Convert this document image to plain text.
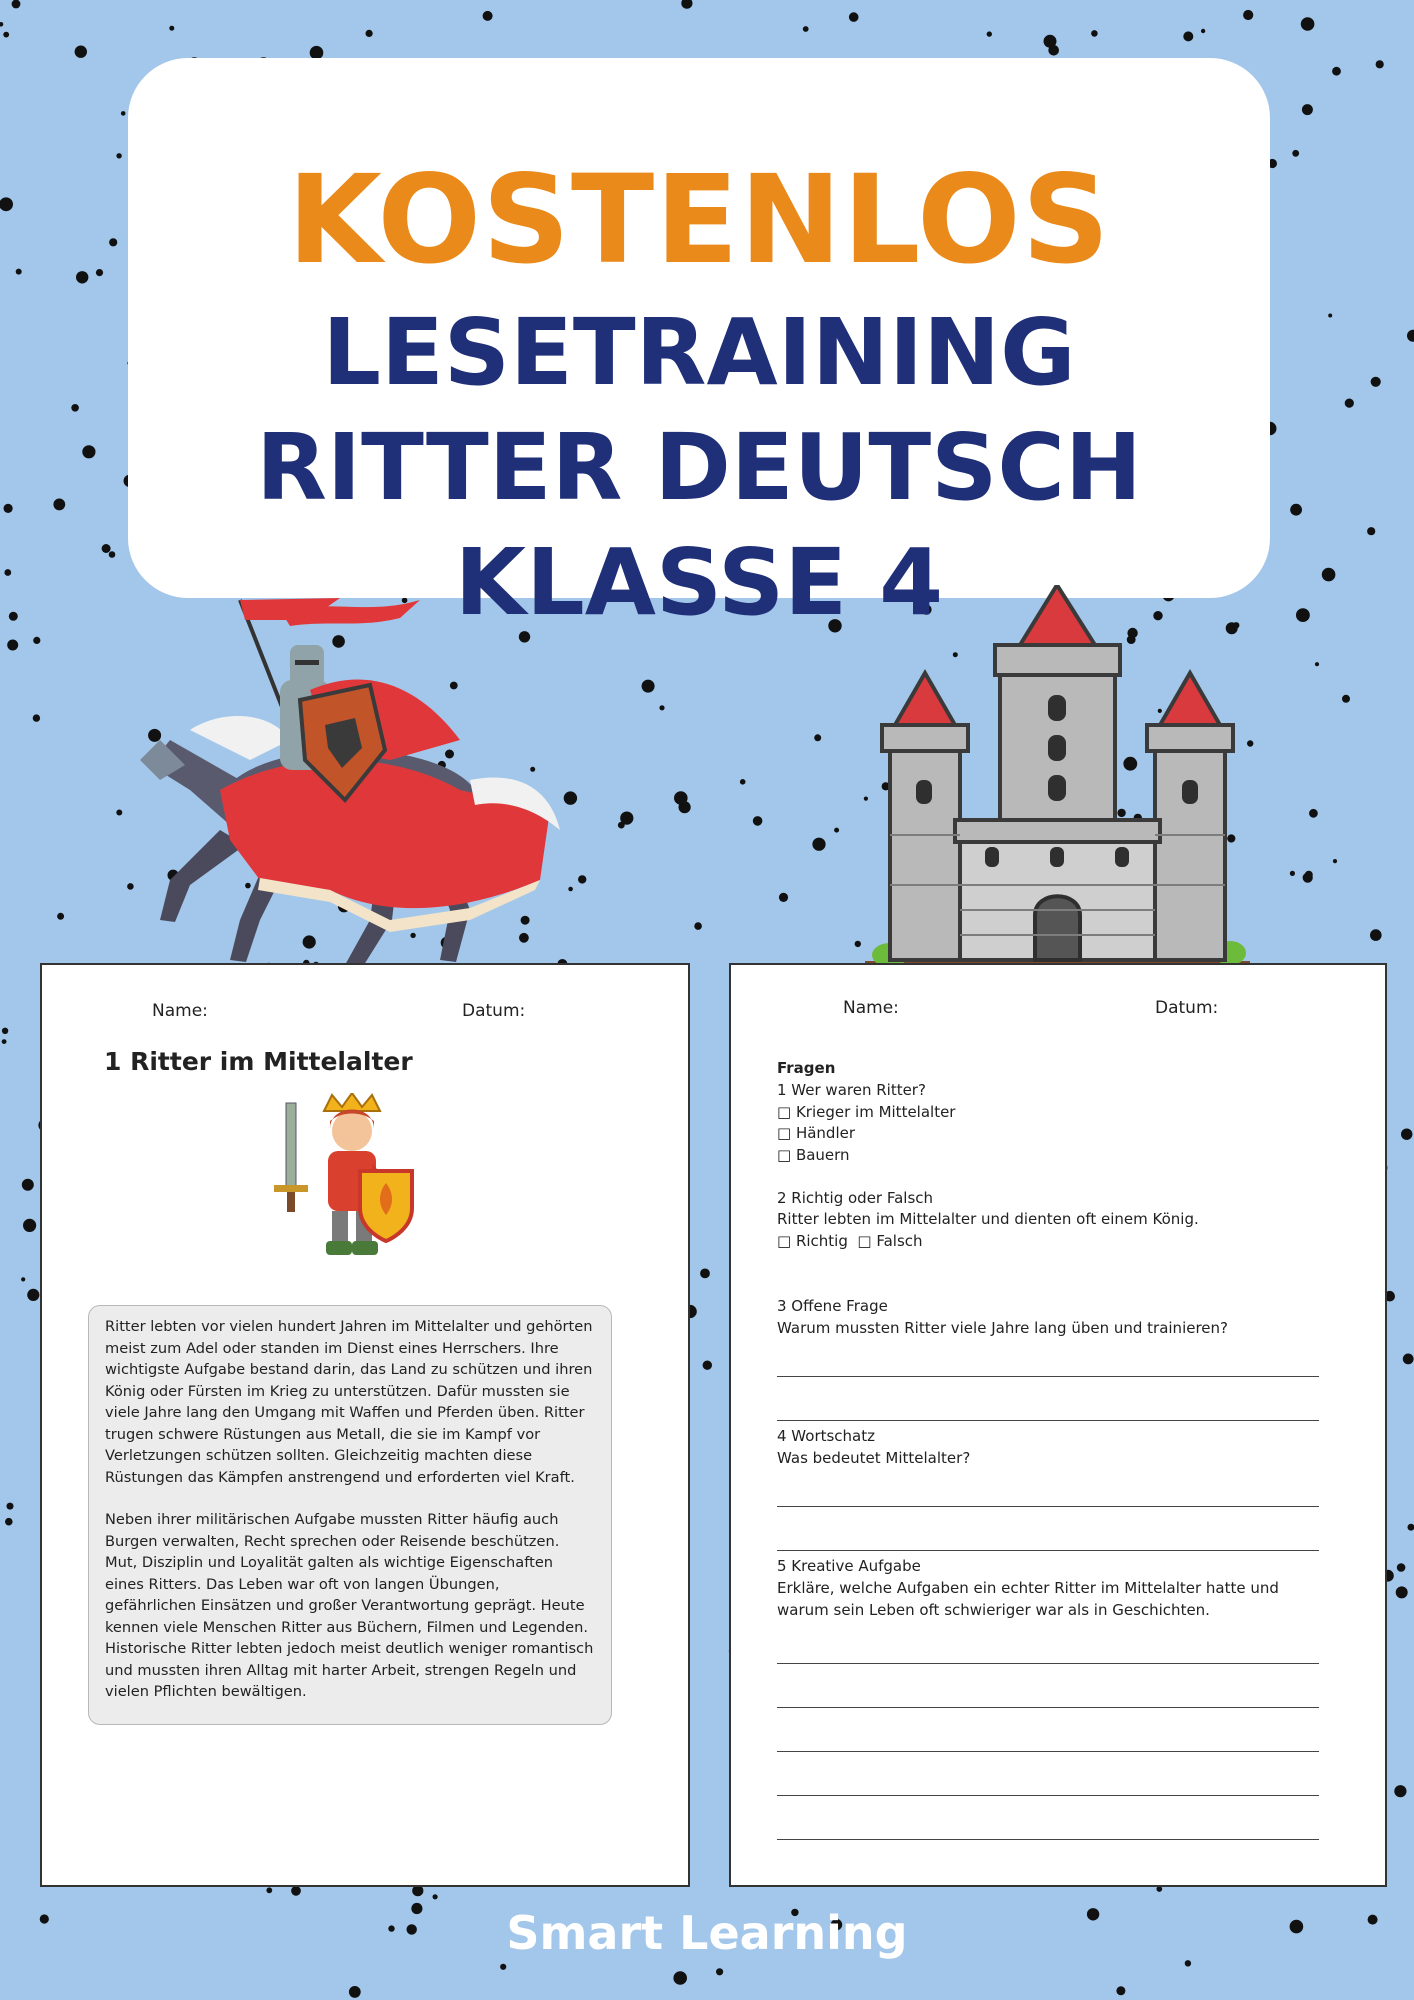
KOSTENLOS
LESETRAINING
RITTER DEUTSCH
KLASSE 4
Name:	Datum:
1 Ritter im Mittelalter

Ritter lebten vor vielen hundert Jahren im Mittelalter und gehörten meist zum Adel oder standen im Dienst eines Herrschers. Ihre wichtigste Aufgabe bestand darin, das Land zu schützen und ihren König oder Fürsten im Krieg zu unterstützen. Dafür mussten sie viele Jahre lang den Umgang mit Waffen und Pferden üben. Ritter trugen schwere Rüstungen aus Metall, die sie im Kampf vor Verletzungen schützen sollten. Gleichzeitig machten diese Rüstungen das Kämpfen anstrengend und erforderten viel Kraft.

Neben ihrer militärischen Aufgabe mussten Ritter häufig auch Burgen verwalten, Recht sprechen oder Reisende beschützen. Mut, Disziplin und Loyalität galten als wichtige Eigenschaften eines Ritters. Das Leben war oft von langen Übungen, gefährlichen Einsätzen und großer Verantwortung geprägt. Heute kennen viele Menschen Ritter aus Büchern, Filmen und Legenden. Historische Ritter lebten jedoch meist deutlich weniger romantisch und mussten ihren Alltag mit harter Arbeit, strengen Regeln und vielen Pflichten bewältigen.

Name:	Datum:
Fragen
1 Wer waren Ritter?
□ Krieger im Mittelalter
□ Händler
□ Bauern
2 Richtig oder Falsch
Ritter lebten im Mittelalter und dienten oft einem König.
□ Richtig  □ Falsch
3 Offene Frage
Warum mussten Ritter viele Jahre lang üben und trainieren?
4 Wortschatz
Was bedeutet Mittelalter?
5 Kreative Aufgabe
Erkläre, welche Aufgaben ein echter Ritter im Mittelalter hatte und
warum sein Leben oft schwieriger war als in Geschichten.
Smart Learning
